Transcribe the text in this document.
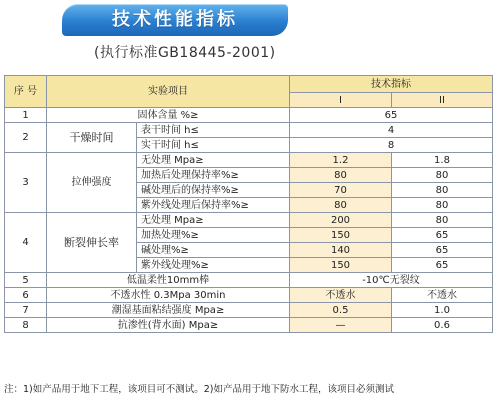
技术性能指标
(执行标准GB18445-2001)
序 号	实验项目		技术指标	
			I	II
1	固体含量 %≥		65	
2	干燥时间	表干时间 h≤	4	
		实干时间 h≤	8	
3	拉伸强度	无处理 Mpa≥	1.2	1.8
		加热后处理保持率%≥	80	80
		碱处理后的保持率%≥	70	80
		紫外线处理后保持率%≥	80	80
4	断裂伸长率	无处理 Mpa≥	200	80
		加热处理%≥	150	65
		碱处理%≥	140	65
		紫外线处理%≥	150	65
5	低温柔性10mm棒		-10℃无裂纹	
6	不透水性 0.3Mpa 30min		不透水	不透水
7	潮湿基面粘结强度 Mpa≥		0.5	1.0
8	抗渗性(背水面) Mpa≥		—	0.6
注：1)如产品用于地下工程，该项目可不测试。2)如产品用于地下防水工程，该项目必须测试
